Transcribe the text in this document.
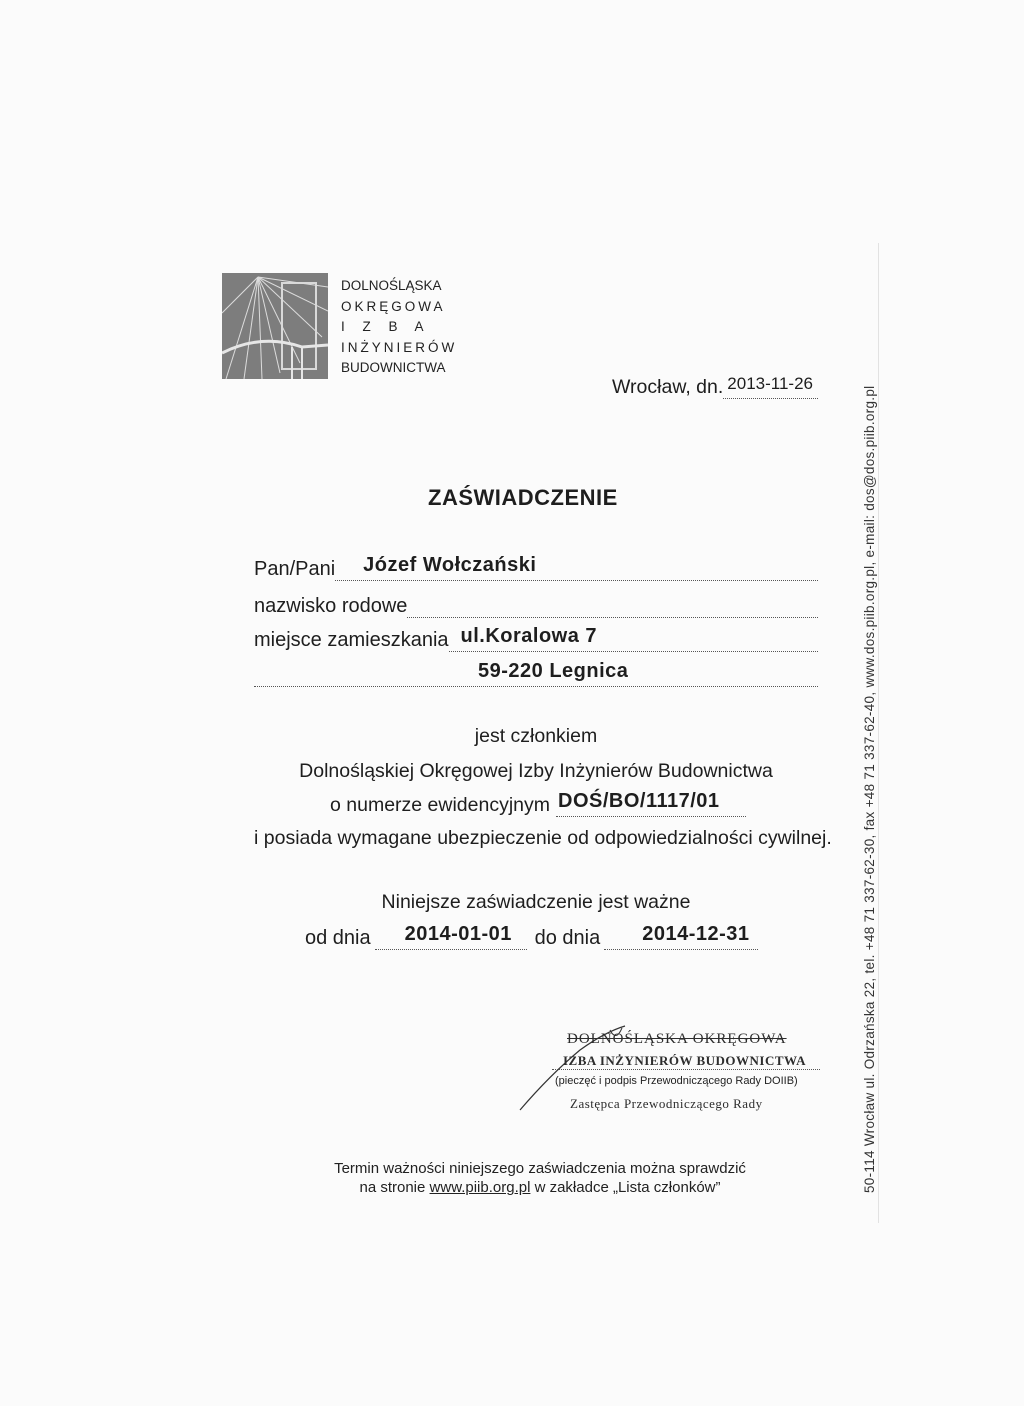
DOLNOŚLĄSKA
OKRĘGOWA
I Z B A
INŻYNIERÓW
BUDOWNICTWA
Wrocław, dn. 2013-11-26
ZAŚWIADCZENIE
Pan/Pani Józef Wołczański
nazwisko rodowe
miejsce zamieszkania ul.Koralowa 7
59-220 Legnica
jest członkiem
Dolnośląskiej Okręgowej Izby Inżynierów Budownictwa
o numerze ewidencyjnym DOŚ/BO/1117/01
i posiada wymagane ubezpieczenie od odpowiedzialności cywilnej.
Niniejsze zaświadczenie jest ważne
od dnia 2014-01-01 do dnia 2014-12-31
DOLNOŚLĄSKA OKRĘGOWA
IZBA INŻYNIERÓW BUDOWNICTWA
(pieczęć i podpis Przewodniczącego Rady DOIIB)
Zastępca Przewodniczącego Rady
Termin ważności niniejszego zaświadczenia można sprawdzić
na stronie www.piib.org.pl w zakładce „Lista członków”	50-114 Wrocław ul. Odrzańska 22, tel. +48 71 337-62-30, fax +48 71 337-62-40, www.dos.piib.org.pl, e-mail: dos@dos.piib.org.pl
